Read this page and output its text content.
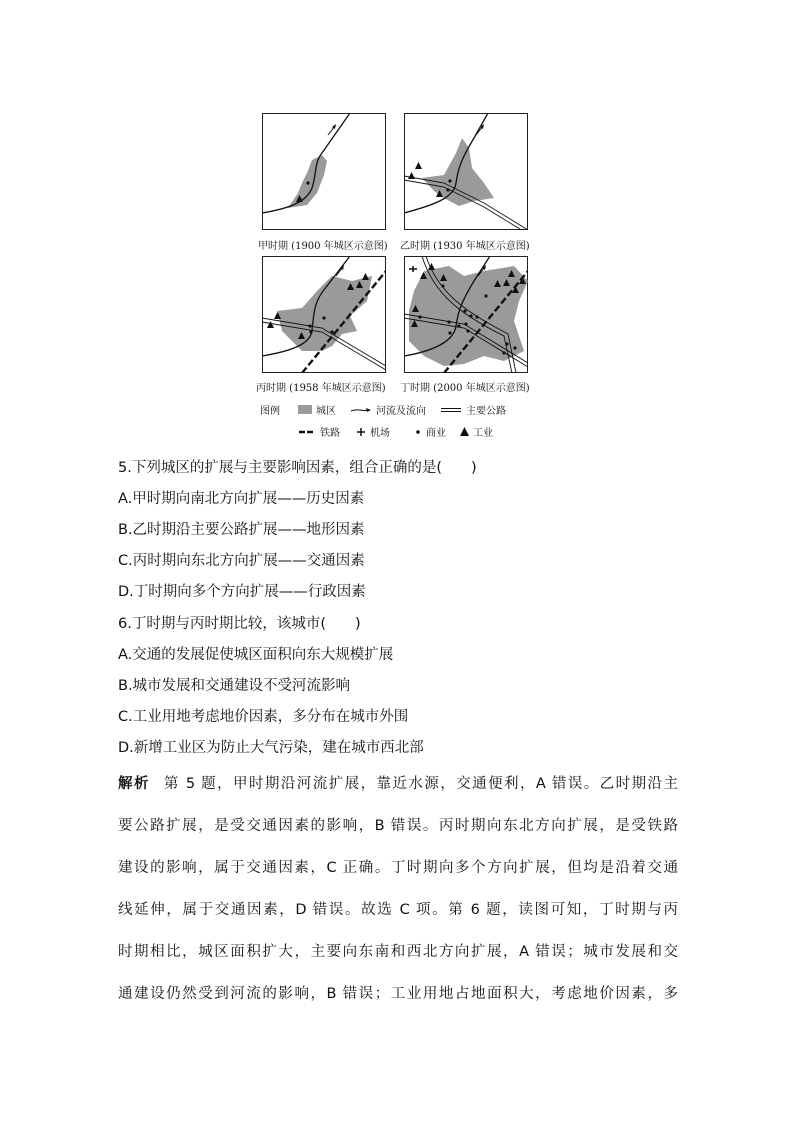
甲时期 (1900 年城区示意图) 乙时期 (1930 年城区示意图)
丙时期 (1958 年城区示意图) 丁时期 (2000 年城区示意图)
图例	城区	河流及流向	主要公路
铁路	机场	商业	工业
5.下列城区的扩展与主要影响因素，组合正确的是(　　)
A.甲时期向南北方向扩展——历史因素
B.乙时期沿主要公路扩展——地形因素
C.丙时期向东北方向扩展——交通因素
D.丁时期向多个方向扩展——行政因素
6.丁时期与丙时期比较，该城市(　　)
A.交通的发展促使城区面积向东大规模扩展
B.城市发展和交通建设不受河流影响
C.工业用地考虑地价因素，多分布在城市外围
D.新增工业区为防止大气污染，建在城市西北部
解析 第 5 题，甲时期沿河流扩展，靠近水源，交通便利，A 错误。乙时期沿主
要公路扩展，是受交通因素的影响，B 错误。丙时期向东北方向扩展，是受铁路
建设的影响，属于交通因素，C 正确。丁时期向多个方向扩展，但均是沿着交通
线延伸，属于交通因素，D 错误。故选 C 项。第 6 题，读图可知，丁时期与丙
时期相比，城区面积扩大，主要向东南和西北方向扩展，A 错误；城市发展和交
通建设仍然受到河流的影响，B 错误；工业用地占地面积大，考虑地价因素，多
